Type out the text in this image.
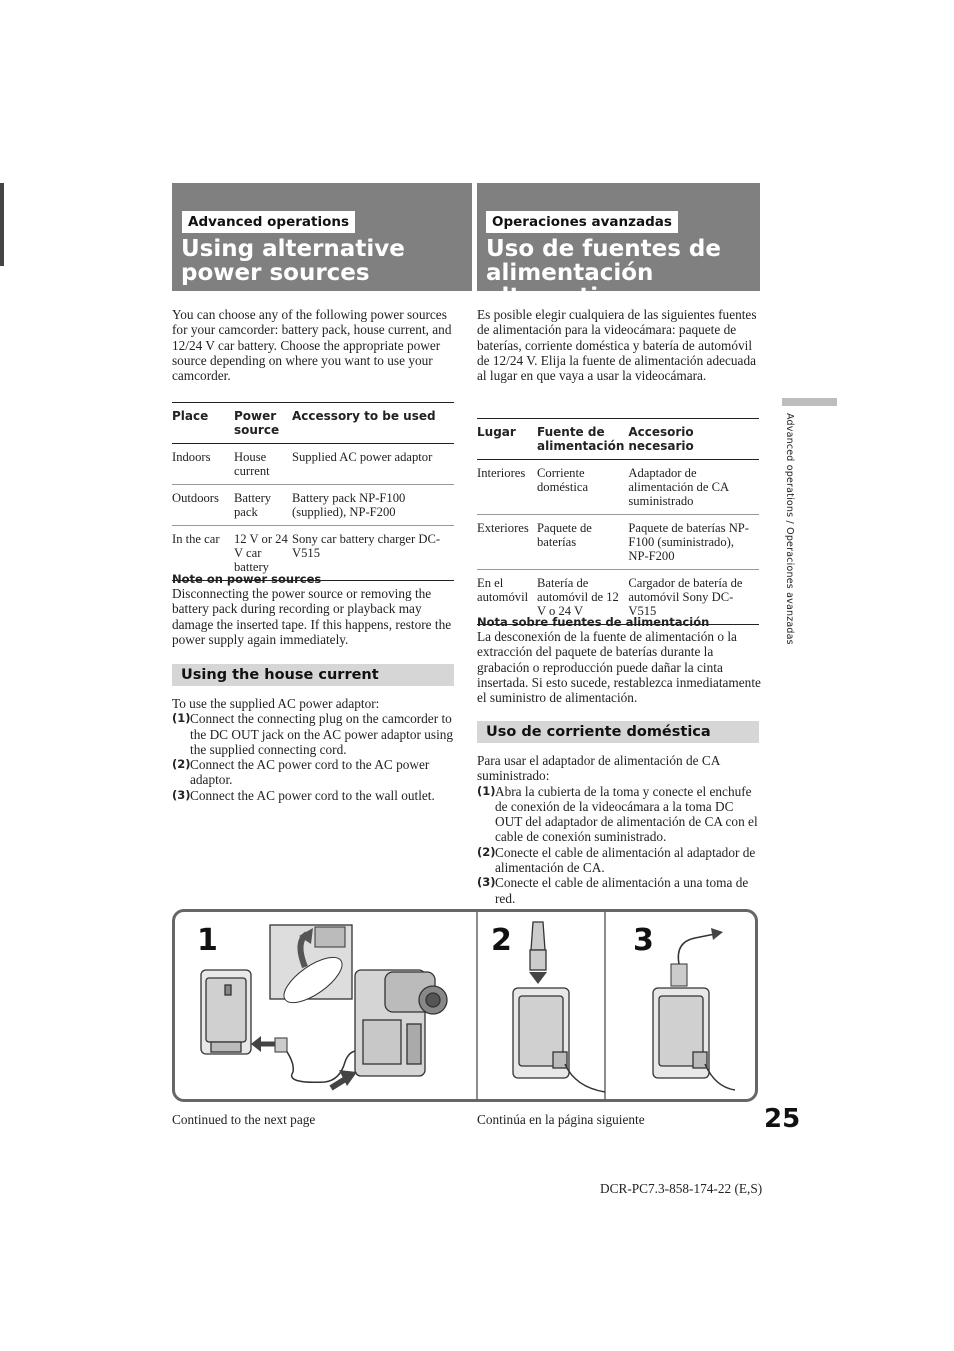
Advanced operations
Using alternative
power sources
Operaciones avanzadas
Uso de fuentes de
alimentación alternativas
You can choose any of the following power sources for your camcorder: battery pack, house current, and 12/24 V car battery. Choose the appropriate power source depending on where you want to use your camcorder.
Place	Power source	Accessory to be used
Indoors	House current	Supplied AC power adaptor
Outdoors	Battery pack	Battery pack NP-F100 (supplied), NP-F200
In the car	12 V or 24 V car battery	Sony car battery charger DC-V515
Note on power sources
Disconnecting the power source or removing the battery pack during recording or playback may damage the inserted tape. If this happens, restore the power supply again immediately.
Using the house current
To use the supplied AC power adaptor:
(1) Connect the connecting plug on the camcorder to the DC OUT jack on the AC power adaptor using the supplied connecting cord.
(2) Connect the AC power cord to the AC power adaptor.
(3) Connect the AC power cord to the wall outlet.
Es posible elegir cualquiera de las siguientes fuentes de alimentación para la videocámara: paquete de baterías, corriente doméstica y batería de automóvil de 12/24 V. Elija la fuente de alimentación adecuada al lugar en que vaya a usar la videocámara.
Lugar	Fuente de alimentación	Accesorio necesario
Interiores	Corriente doméstica	Adaptador de alimentación de CA suministrado
Exteriores	Paquete de baterías	Paquete de baterías NP-F100 (suministrado), NP-F200
En el automóvil	Batería de automóvil de 12 V o 24 V	Cargador de batería de automóvil Sony DC-V515
Nota sobre fuentes de alimentación
La desconexión de la fuente de alimentación o la extracción del paquete de baterías durante la grabación o reproducción puede dañar la cinta insertada. Si esto sucede, restablezca inmediatamente el suministro de alimentación.
Uso de corriente doméstica
Para usar el adaptador de alimentación de CA suministrado:
(1) Abra la cubierta de la toma y conecte el enchufe de conexión de la videocámara a la toma DC OUT del adaptador de alimentación de CA con el cable de conexión suministrado.
(2) Conecte el cable de alimentación al adaptador de alimentación de CA.
(3) Conecte el cable de alimentación a una toma de red.
Advanced operations / Operaciones avanzadas
1	2	3
Continued to the next page	Continúa en la página siguiente	25
DCR-PC7.3-858-174-22 (E,S)
